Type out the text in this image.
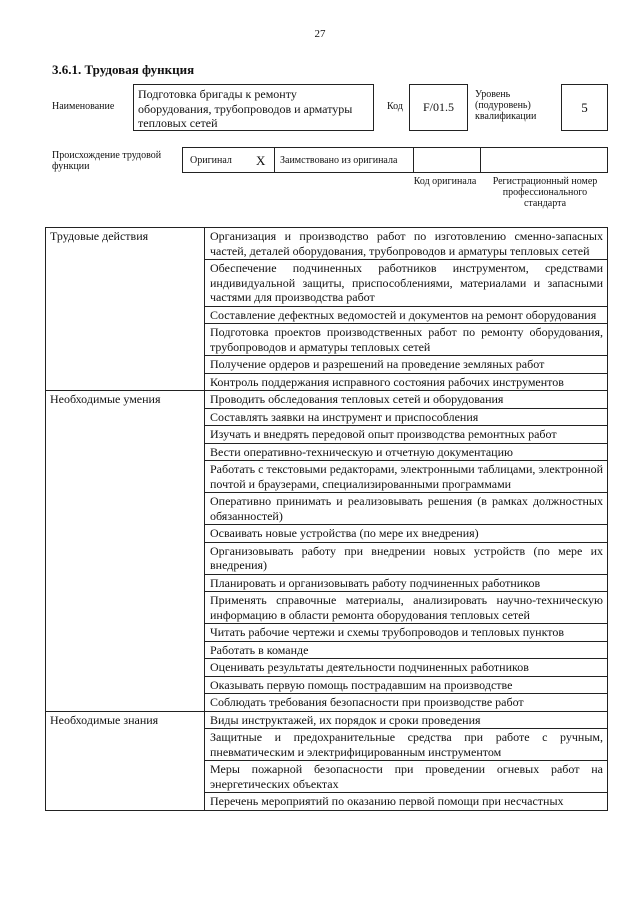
27
3.6.1. Трудовая функция
Наименование
Подготовка бригады к ремонту оборудования, трубопроводов и арматуры тепловых сетей
Код F/01.5
Уровень (подуровень) квалификации
5
Происхождение трудовой функции
Оригинал X Заимствовано из оригинала
Код оригинала	Регистрационный номер профессионального стандарта
Трудовые действия	Организация и производство работ по изготовлению сменно-запасных частей, деталей оборудования, трубопроводов и арматуры тепловых сетей
	Обеспечение подчиненных работников инструментом, средствами индивидуальной защиты, приспособлениями, материалами и запасными частями для производства работ
	Составление дефектных ведомостей и документов на ремонт оборудования
	Подготовка проектов производственных работ по ремонту оборудования, трубопроводов и арматуры тепловых сетей
	Получение ордеров и разрешений на проведение земляных работ
	Контроль поддержания исправного состояния рабочих инструментов
Необходимые умения	Проводить обследования тепловых сетей и оборудования
	Составлять заявки на инструмент и приспособления
	Изучать и внедрять передовой опыт производства ремонтных работ
	Вести оперативно-техническую и отчетную документацию
	Работать с текстовыми редакторами, электронными таблицами, электронной почтой и браузерами, специализированными программами
	Оперативно принимать и реализовывать решения (в рамках должностных обязанностей)
	Осваивать новые устройства (по мере их внедрения)
	Организовывать работу при внедрении новых устройств (по мере их внедрения)
	Планировать и организовывать работу подчиненных работников
	Применять справочные материалы, анализировать научно-техническую информацию в области ремонта оборудования тепловых сетей
	Читать рабочие чертежи и схемы трубопроводов и тепловых пунктов
	Работать в команде
	Оценивать результаты деятельности подчиненных работников
	Оказывать первую помощь пострадавшим на производстве
	Соблюдать требования безопасности при производстве работ
Необходимые знания	Виды инструктажей, их порядок и сроки проведения
	Защитные и предохранительные средства при работе с ручным, пневматическим и электрифицированным инструментом
	Меры пожарной безопасности при проведении огневых работ на энергетических объектах
	Перечень мероприятий по оказанию первой помощи при несчастных
